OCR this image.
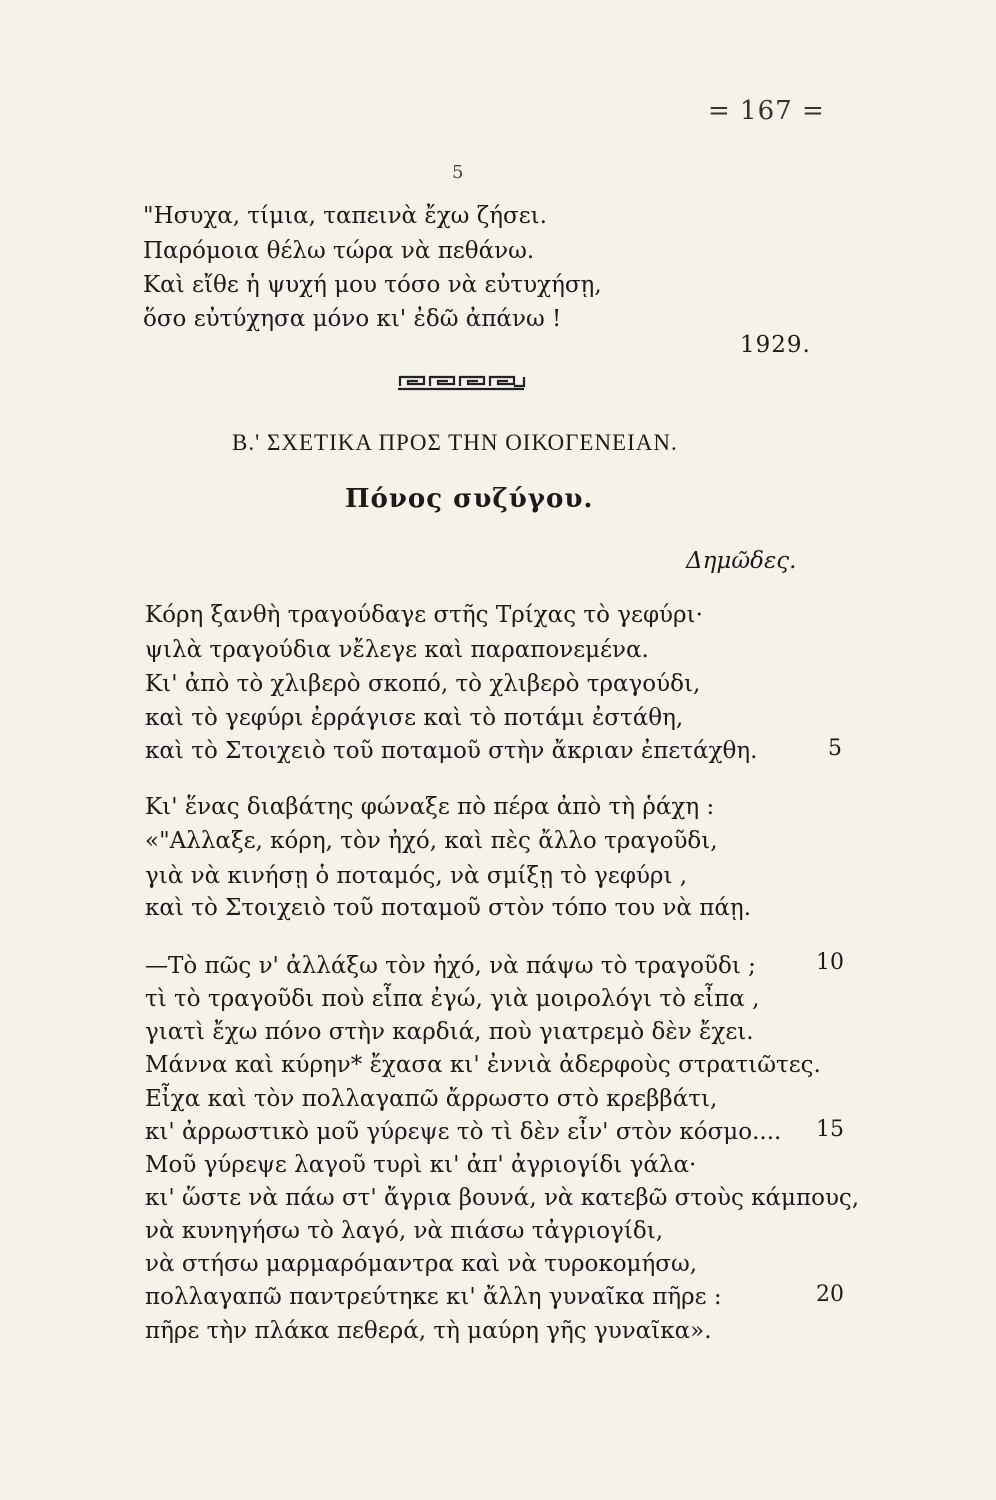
= 167 =
5
"Ησυχα, τίμια, ταπεινὰ ἔχω ζήσει.
Παρόμοια θέλω τώρα νὰ πεθάνω.
Καὶ εἴθε ἡ ψυχή μου τόσο νὰ εὐτυχήσῃ,
ὅσο εὐτύχησα μόνο κι' ἐδῶ ἀπάνω !
1929.
Β.' ΣΧΕΤΙΚΑ ΠΡΟΣ ΤΗΝ ΟΙΚΟΓΕΝΕΙΑΝ.
Πόνος συζύγου.
Δημῶδες.
Κόρη ξανθὴ τραγούδαγε στῆς Τρίχας τὸ γεφύρι·
ψιλὰ τραγούδια νἔλεγε καὶ παραπονεμένα.
Κι' ἀπὸ τὸ χλιβερὸ σκοπό, τὸ χλιβερὸ τραγούδι,
καὶ τὸ γεφύρι ἐρράγισε καὶ τὸ ποτάμι ἐστάθη,
καὶ τὸ Στοιχειὸ τοῦ ποταμοῦ στὴν ἄκριαν ἐπετάχθη.	5
Κι' ἕνας διαβάτης φώναξε πὸ πέρα ἀπὸ τὴ ῥάχη :
«"Αλλαξε, κόρη, τὸν ἠχό, καὶ πὲς ἄλλο τραγοῦδι,
γιὰ νὰ κινήσῃ ὁ ποταμός, νὰ σμίξῃ τὸ γεφύρι ,
καὶ τὸ Στοιχειὸ τοῦ ποταμοῦ στὸν τόπο του νὰ πάῃ.
—Τὸ πῶς ν' ἀλλάξω τὸν ἠχό, νὰ πάψω τὸ τραγοῦδι ;	10
τὶ τὸ τραγοῦδι ποὺ εἶπα ἐγώ, γιὰ μοιρολόγι τὸ εἶπα ,
γιατὶ ἔχω πόνο στὴν καρδιά, ποὺ γιατρεμὸ δὲν ἔχει.
Μάννα καὶ κύρην* ἔχασα κι' ἐννιὰ ἀδερφοὺς στρατιῶτες.
Εἶχα καὶ τὸν πολλαγαπῶ ἄρρωστο στὸ κρεββάτι,
κι' ἀρρωστικὸ μοῦ γύρεψε τὸ τὶ δὲν εἶν' στὸν κόσμο.... 15
Μοῦ γύρεψε λαγοῦ τυρὶ κι' ἀπ' ἀγριογίδι γάλα·
κι' ὥστε νὰ πάω στ' ἄγρια βουνά, νὰ κατεβῶ στοὺς κάμπους,
νὰ κυνηγήσω τὸ λαγό, νὰ πιάσω τἀγριογίδι,
νὰ στήσω μαρμαρόμαντρα καὶ νὰ τυροκομήσω,
πολλαγαπῶ παντρεύτηκε κι' ἄλλη γυναῖκα πῆρε :	20
πῆρε τὴν πλάκα πεθερά, τὴ μαύρη γῆς γυναῖκα».
